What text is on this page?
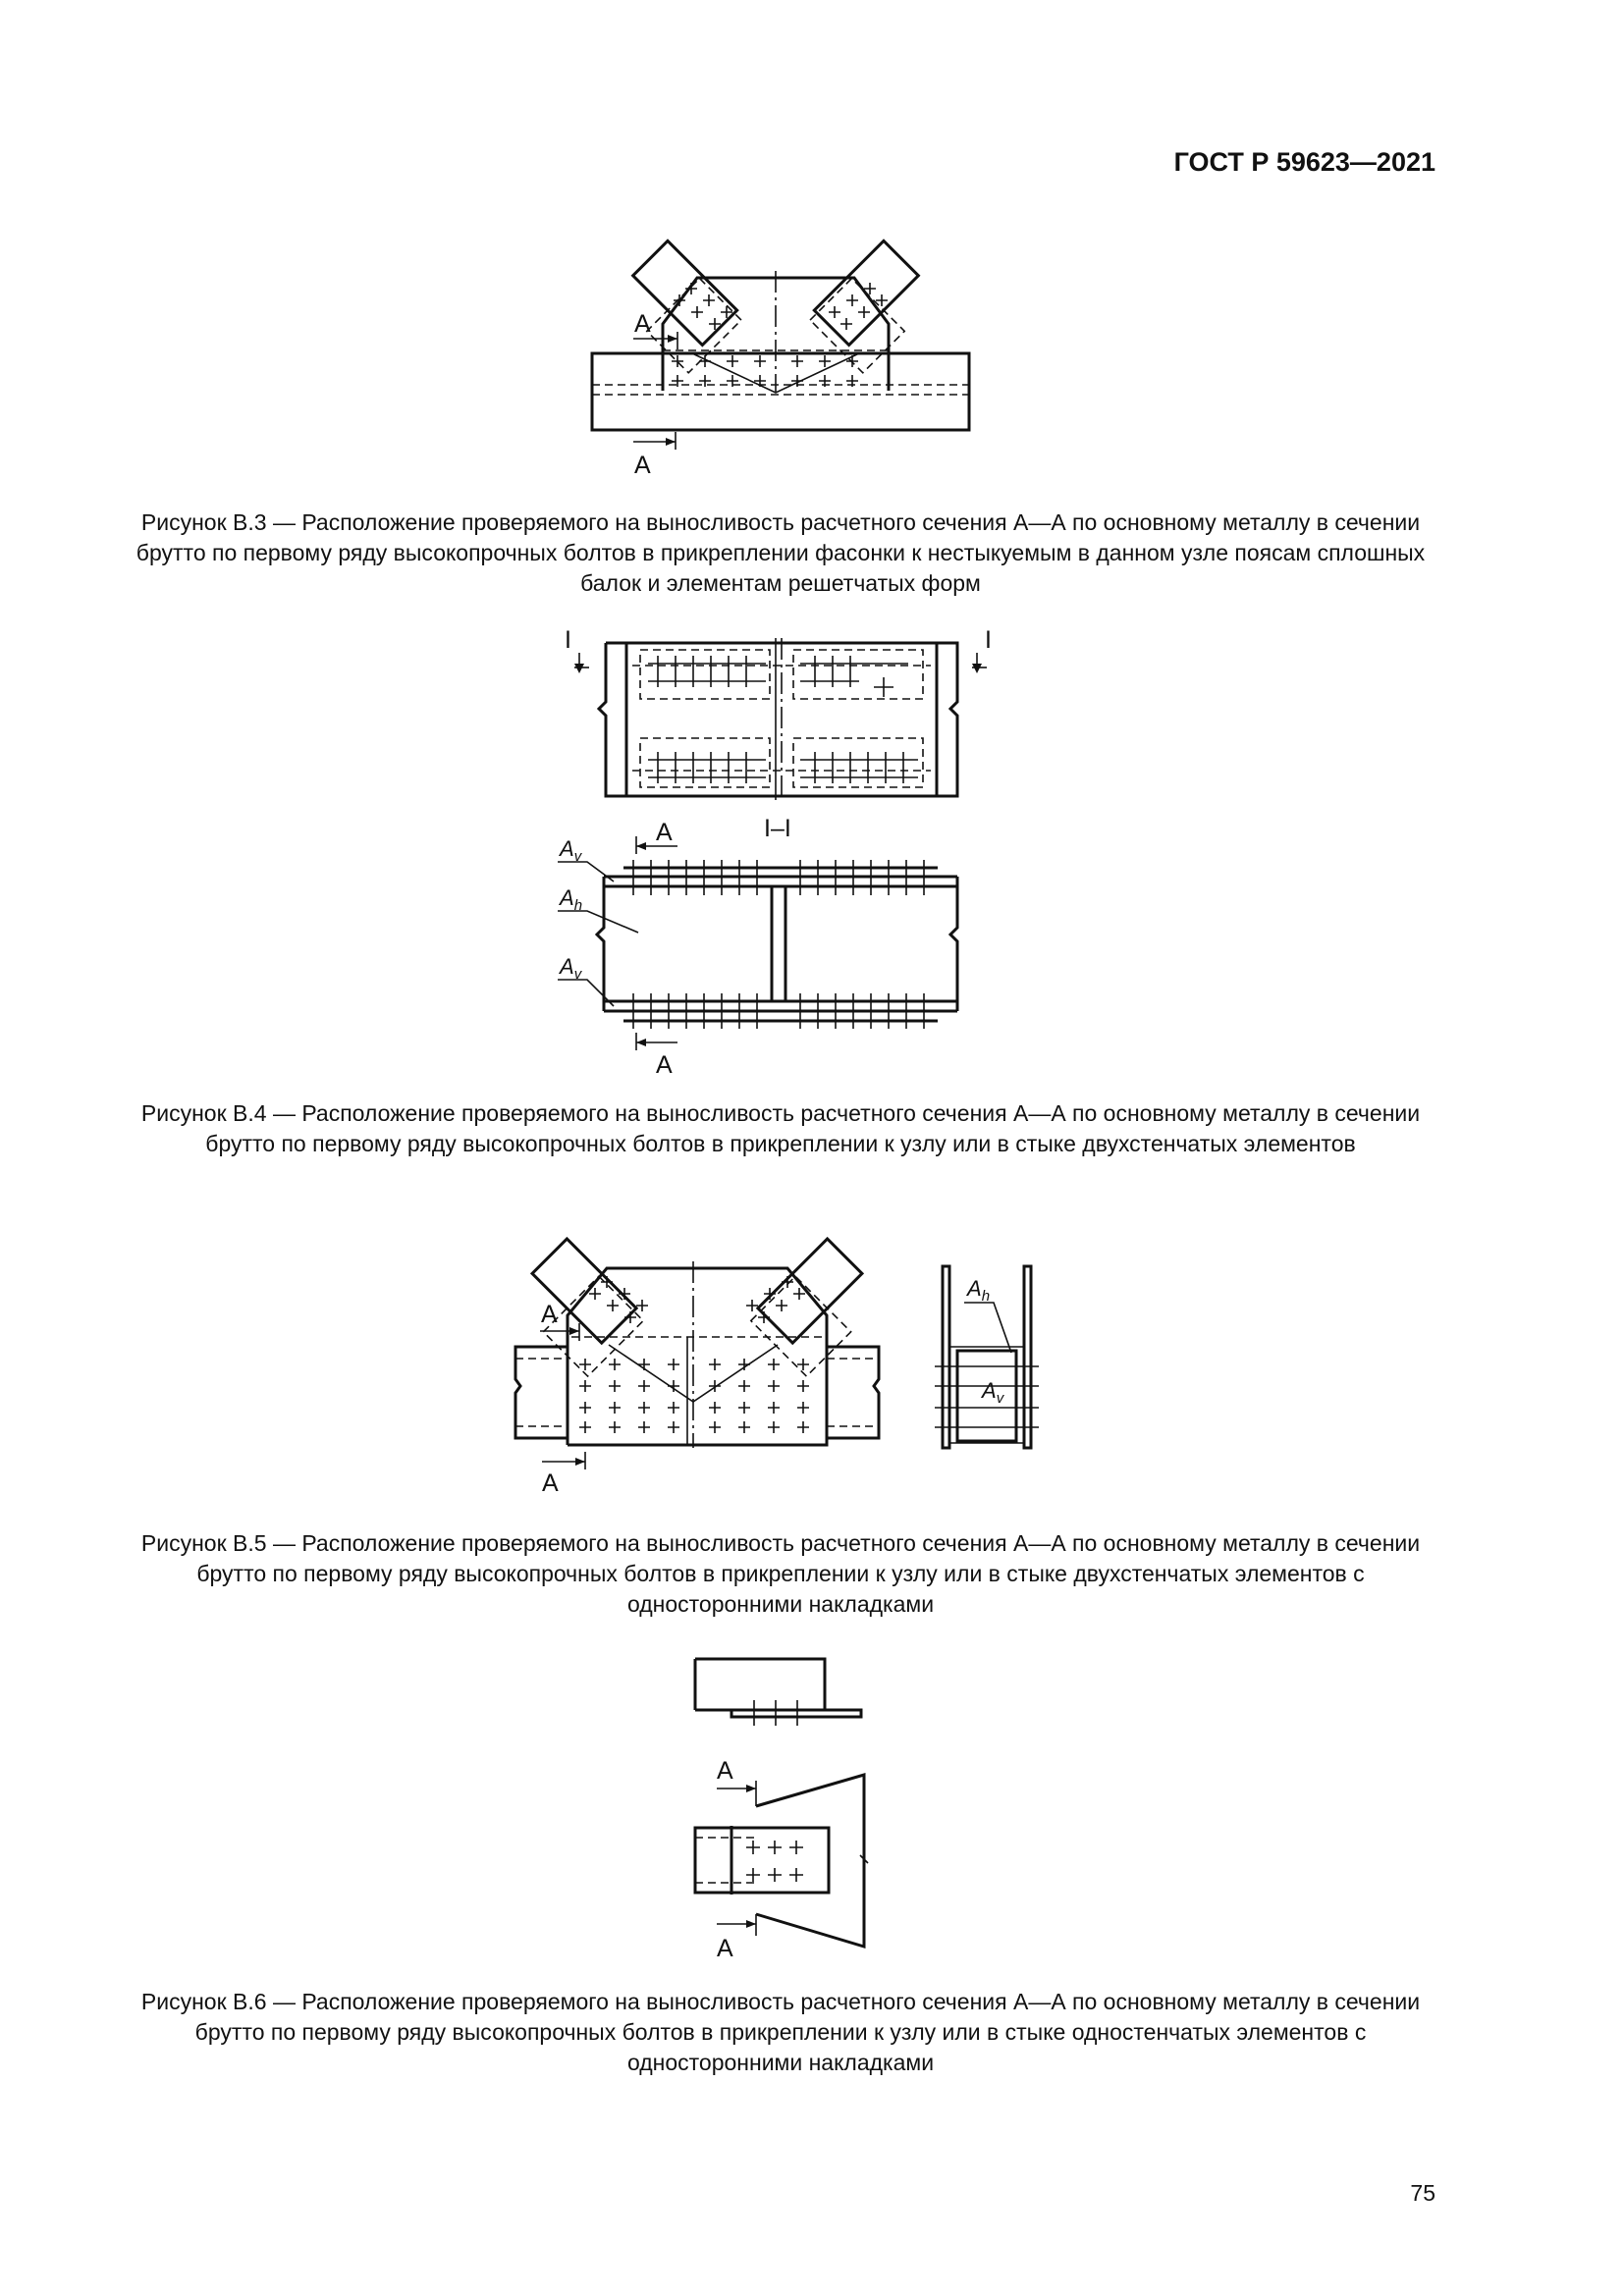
ГОСТ Р 59623—2021
А
А
Рисунок В.3 — Расположение проверяемого на выносливость расчетного сечения А—А по основному металлу в сечении брутто по первому ряду высокопрочных болтов в прикреплении фасонки к нестыкуемым в данном узле поясам сплошных балок и элементам решетчатых форм
I	I
I–I
$A_v$
$A_h$
$A_v$
А
А
Рисунок В.4 — Расположение проверяемого на выносливость расчетного сечения А—А по основному металлу в сечении брутто по первому ряду высокопрочных болтов в прикреплении к узлу или в стыке двухстенчатых элементов
А
А
$A_h$
$A_v$
Рисунок В.5 — Расположение проверяемого на выносливость расчетного сечения А—А по основному металлу в сечении брутто по первому ряду высокопрочных болтов в прикреплении к узлу или в стыке двухстенчатых элементов с односторонними накладками
А
А
Рисунок В.6 — Расположение проверяемого на выносливость расчетного сечения А—А по основному металлу в сечении брутто по первому ряду высокопрочных болтов в прикреплении к узлу или в стыке одностенчатых элементов с односторонними накладками
75
